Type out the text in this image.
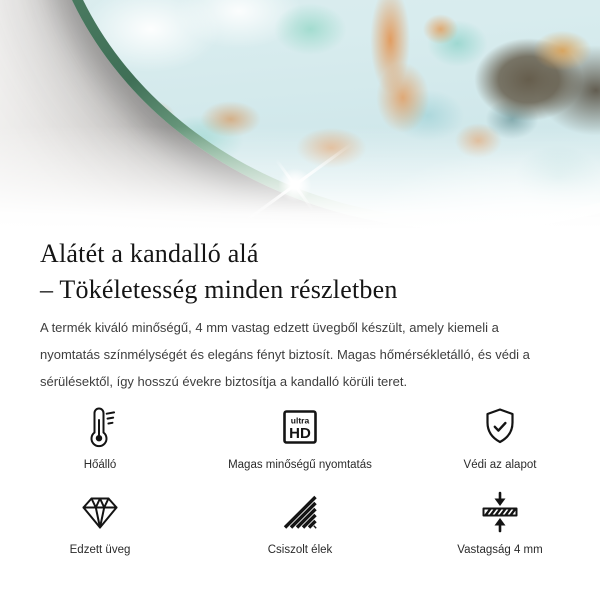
Alátét a kandalló alá
– Tökéletesség minden részletben

A termék kiváló minőségű, 4 mm vastag edzett üvegből készült, amely kiemeli a nyomtatás színmélységét és elegáns fényt biztosít. Magas hőmérsékletálló, és védi a sérülésektől, így hosszú évekre biztosítja a kandalló körüli teret.

Hőálló
ultra
HD
Magas minőségű nyomtatás	Védi az alapot
Edzett üveg	Csiszolt élek	Vastagság 4 mm
